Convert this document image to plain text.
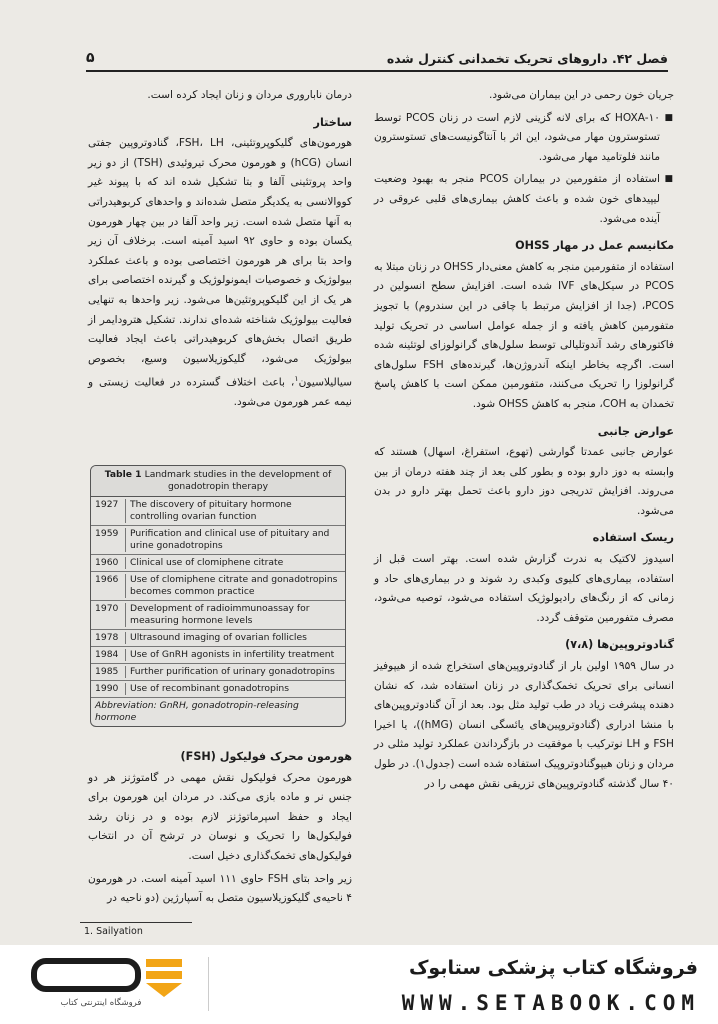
فصل ۴۲. داروهای تحریک تخمدانی کنترل شده
۵

جریان خون رحمی در این بیماران می‌شود.

■ HOXA-۱۰ که برای لانه گزینی لازم است در زنان PCOS توسط تستوسترون مهار می‌شود، این اثر با آنتاگونیست‌های تستوسترون مانند فلوتامید مهار می‌شود.
■ استفاده از متفورمین در بیماران PCOS منجر به بهبود وضعیت لیپیدهای خون شده و باعث کاهش بیماری‌های قلبی عروقی در آینده می‌شود.
مکانیسم عمل در مهار OHSS

استفاده از متفورمین منجر به کاهش معنی‌دار OHSS در زنان مبتلا به PCOS در سیکل‌های IVF شده است. افزایش سطح انسولین در PCOS، (جدا از افزایش مرتبط با چاقی در این سندروم) با تجویز متفورمین کاهش یافته و از جمله عوامل اساسی در تحریک تولید فاکتورهای رشد آندوتلیالی توسط سلول‌های گرانولوزای لوتئینه شده است. اگرچه بخاطر اینکه آندروژن‌ها، گیرنده‌های FSH سلول‌های گرانولوزا را تحریک می‌کنند، متفورمین ممکن است با کاهش پاسخ تخمدان به COH، منجر به کاهش OHSS شود.

عوارض جانبی

عوارض جانبی عمدتا گوارشی (تهوع، استفراغ، اسهال) هستند که وابسته به دوز دارو بوده و بطور کلی بعد از چند هفته درمان از بین می‌روند. افزایش تدریجی دوز دارو باعث تحمل بهتر دارو در بدن می‌شود.

ریسک استفاده

اسیدوز لاکتیک به ندرت گزارش شده است. بهتر است قبل از استفاده، بیماری‌های کلیوی وکبدی رد شوند و در بیماری‌های حاد و زمانی که از رنگ‌های رادیولوژیک استفاده می‌شود، توصیه می‌شود، مصرف متفورمین متوقف گردد.

گنادوتروپین‌ها (۷،۸)

در سال ۱۹۵۹ اولین بار از گنادوتروپین‌های استخراج شده از هیپوفیز انسانی برای تحریک تخمک‌گذاری در زنان استفاده شد، که نشان دهنده پیشرفت زیاد در طب تولید مثل بود. بعد از آن گنادوتروپین‌های با منشا ادراری (گنادوتروپین‌های یائسگی انسان (hMG))، یا اخیرا FSH و LH نوترکیب با موفقیت در بازگرداندن عملکرد تولید مثلی در مردان و زنان هیپوگنادوتروپیک استفاده شده است (جدول۱). در طول ۴۰ سال گذشته گنادوتروپین‌های تزریقی نقش مهمی را در

درمان ناباروری مردان و زنان ایجاد کرده است.

ساختار

هورمون‌های گلیکوپروتئینی، FSH، LH، گنادوتروپین جفتی انسان (hCG) و هورمون محرک تیروئیدی (TSH) از دو زیر واحد پروتئینی آلفا و بتا تشکیل شده اند که با پیوند غیر کووالانسی به یکدیگر متصل شده‌اند و واحدهای کربوهیدراتی به آنها متصل شده است. زیر واحد آلفا در بین چهار هورمون یکسان بوده و حاوی ۹۲ اسید آمینه است. برخلاف آن زیر واحد بتا برای هر هورمون اختصاصی بوده و باعث عملکرد بیولوژیک و خصوصیات ایمونولوژیک و گیرنده اختصاصی برای هر یک از این گلیکوپروتئین‌ها می‌شود. زیر واحدها به تنهایی فعالیت بیولوژیک شناخته شده‌ای ندارند. تشکیل هترودایمر از طریق اتصال بخش‌های کربوهیدراتی باعث ایجاد فعالیت بیولوژیک می‌شود، گلیکوزیلاسیون وسیع، بخصوص سیالیلاسیون$^۱$، باعث اختلاف گسترده در فعالیت زیستی و نیمه عمر هورمون می‌شود.

Table 1 Landmark studies in the development of gonadotropin therapy
1927	The discovery of pituitary hormone controlling ovarian function
1959	Purification and clinical use of pituitary and urine gonadotropins
1960	Clinical use of clomiphene citrate
1966	Use of clomiphene citrate and gonadotropins becomes common practice
1970	Development of radioimmunoassay for measuring hormone levels
1978	Ultrasound imaging of ovarian follicles
1984	Use of GnRH agonists in infertility treatment
1985	Further purification of urinary gonadotropins
1990	Use of recombinant gonadotropins
Abbreviation: GnRH, gonadotropin-releasing hormone
هورمون محرک فولیکول (FSH)

هورمون محرک فولیکول نقش مهمی در گامتوژنز هر دو جنس نر و ماده بازی می‌کند. در مردان این هورمون برای ایجاد و حفظ اسپرماتوژنز لازم بوده و در زنان رشد فولیکول‌ها را تحریک و نوسان در ترشح آن در انتخاب فولیکول‌های تخمک‌گذاری دخیل است.

زیر واحد بتای FSH حاوی ۱۱۱ اسید آمینه است. در هورمون ۴ ناحیه‌ی گلیکوزیلاسیون متصل به آسپارژین (دو ناحیه در

1. Sailyation
فروشگاه اینترنتی کتاب
فروشگاه کتاب پزشکی ستابوک
WWW.SETABOOK.COM
